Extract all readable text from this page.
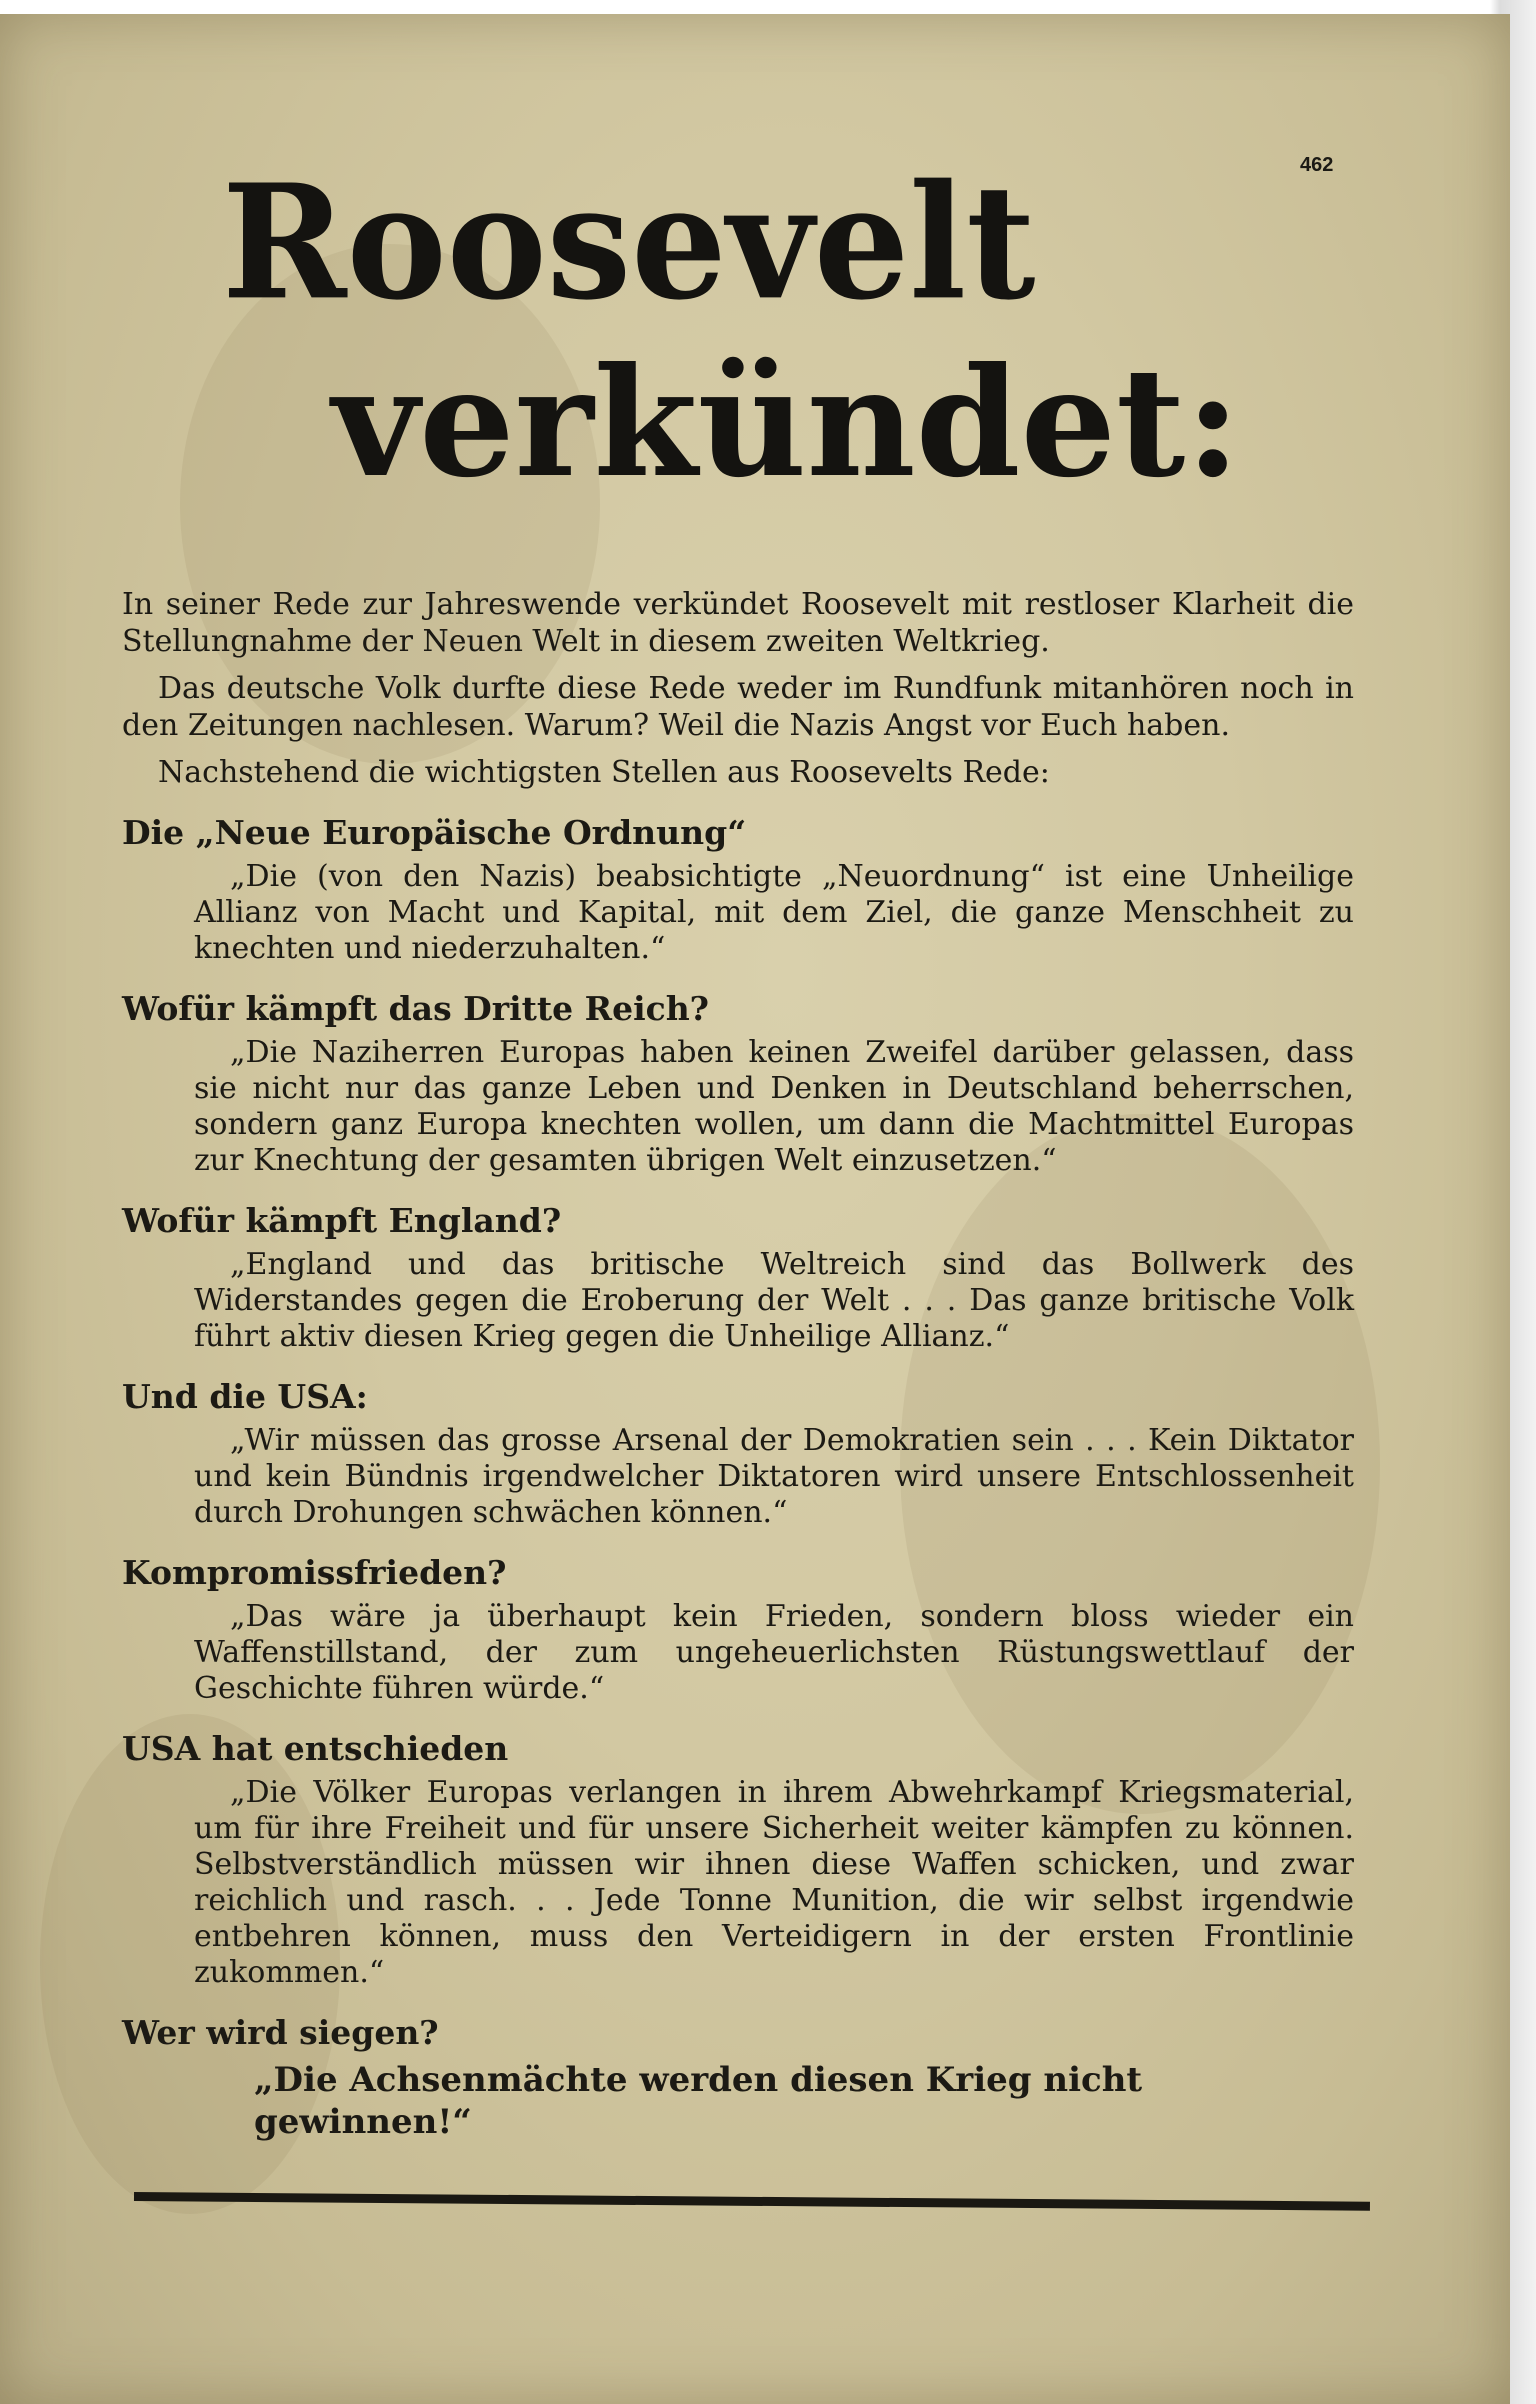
462
Roosevelt
verkündet:

In seiner Rede zur Jahreswende verkündet Roosevelt mit restloser Klarheit die Stellungnahme der Neuen Welt in diesem zweiten Weltkrieg.

Das deutsche Volk durfte diese Rede weder im Rundfunk mitanhören noch in den Zeitungen nachlesen. Warum? Weil die Nazis Angst vor Euch haben.

Nachstehend die wichtigsten Stellen aus Roosevelts Rede:

Die „Neue Europäische Ordnung“

„Die (von den Nazis) beabsichtigte „Neuordnung“ ist eine Unheilige Allianz von Macht und Kapital, mit dem Ziel, die ganze Menschheit zu knechten und niederzuhalten.“

Wofür kämpft das Dritte Reich?

„Die Naziherren Europas haben keinen Zweifel darüber gelassen, dass sie nicht nur das ganze Leben und Denken in Deutschland beherrschen, sondern ganz Europa knechten wollen, um dann die Machtmittel Europas zur Knechtung der gesamten übrigen Welt einzusetzen.“

Wofür kämpft England?

„England und das britische Weltreich sind das Bollwerk des Widerstandes gegen die Eroberung der Welt . . . Das ganze britische Volk führt aktiv diesen Krieg gegen die Unheilige Allianz.“

Und die USA:

„Wir müssen das grosse Arsenal der Demokratien sein . . . Kein Diktator und kein Bündnis irgendwelcher Diktatoren wird unsere Entschlossenheit durch Drohungen schwächen können.“

Kompromissfrieden?

„Das wäre ja überhaupt kein Frieden, sondern bloss wieder ein Waffenstillstand, der zum ungeheuerlichsten Rüstungswettlauf der Geschichte führen würde.“

USA hat entschieden

„Die Völker Europas verlangen in ihrem Abwehrkampf Kriegsmaterial, um für ihre Freiheit und für unsere Sicherheit weiter kämpfen zu können. Selbstverständlich müssen wir ihnen diese Waffen schicken, und zwar reichlich und rasch. . . Jede Tonne Munition, die wir selbst irgendwie entbehren können, muss den Verteidigern in der ersten Frontlinie zukommen.“

Wer wird siegen?
„Die Achsenmächte werden diesen Krieg nicht gewinnen!“
